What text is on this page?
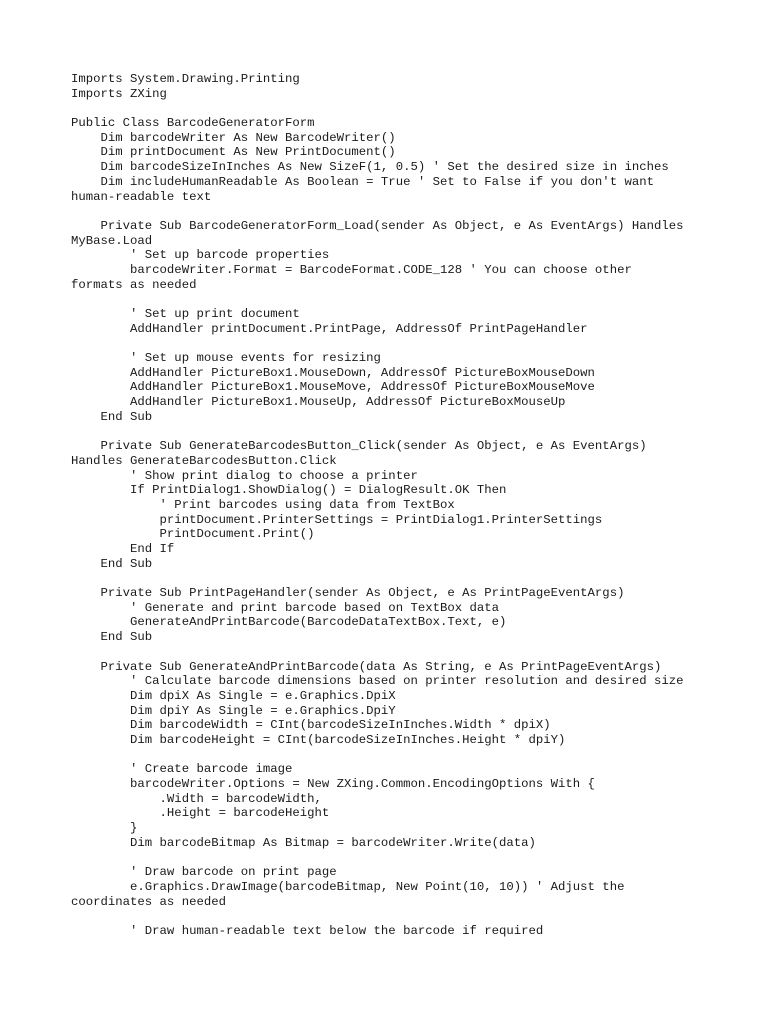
Imports System.Drawing.Printing
Imports ZXing
Public Class BarcodeGeneratorForm
Dim barcodeWriter As New BarcodeWriter()
Dim printDocument As New PrintDocument()
Dim barcodeSizeInInches As New SizeF(1, 0.5) ' Set the desired size in inches
Dim includeHumanReadable As Boolean = True ' Set to False if you don't want
human-readable text
Private Sub BarcodeGeneratorForm_Load(sender As Object, e As EventArgs) Handles
MyBase.Load
' Set up barcode properties
barcodeWriter.Format = BarcodeFormat.CODE_128 ' You can choose other
formats as needed
' Set up print document
AddHandler printDocument.PrintPage, AddressOf PrintPageHandler
' Set up mouse events for resizing
AddHandler PictureBox1.MouseDown, AddressOf PictureBoxMouseDown
AddHandler PictureBox1.MouseMove, AddressOf PictureBoxMouseMove
AddHandler PictureBox1.MouseUp, AddressOf PictureBoxMouseUp
End Sub
Private Sub GenerateBarcodesButton_Click(sender As Object, e As EventArgs)
Handles GenerateBarcodesButton.Click
' Show print dialog to choose a printer
If PrintDialog1.ShowDialog() = DialogResult.OK Then
' Print barcodes using data from TextBox
printDocument.PrinterSettings = PrintDialog1.PrinterSettings
PrintDocument.Print()
End If
End Sub
Private Sub PrintPageHandler(sender As Object, e As PrintPageEventArgs)
' Generate and print barcode based on TextBox data
GenerateAndPrintBarcode(BarcodeDataTextBox.Text, e)
End Sub
Private Sub GenerateAndPrintBarcode(data As String, e As PrintPageEventArgs)
' Calculate barcode dimensions based on printer resolution and desired size
Dim dpiX As Single = e.Graphics.DpiX
Dim dpiY As Single = e.Graphics.DpiY
Dim barcodeWidth = CInt(barcodeSizeInInches.Width * dpiX)
Dim barcodeHeight = CInt(barcodeSizeInInches.Height * dpiY)
' Create barcode image
barcodeWriter.Options = New ZXing.Common.EncodingOptions With {
.Width = barcodeWidth,
.Height = barcodeHeight
}
Dim barcodeBitmap As Bitmap = barcodeWriter.Write(data)
' Draw barcode on print page
e.Graphics.DrawImage(barcodeBitmap, New Point(10, 10)) ' Adjust the
coordinates as needed
' Draw human-readable text below the barcode if required
